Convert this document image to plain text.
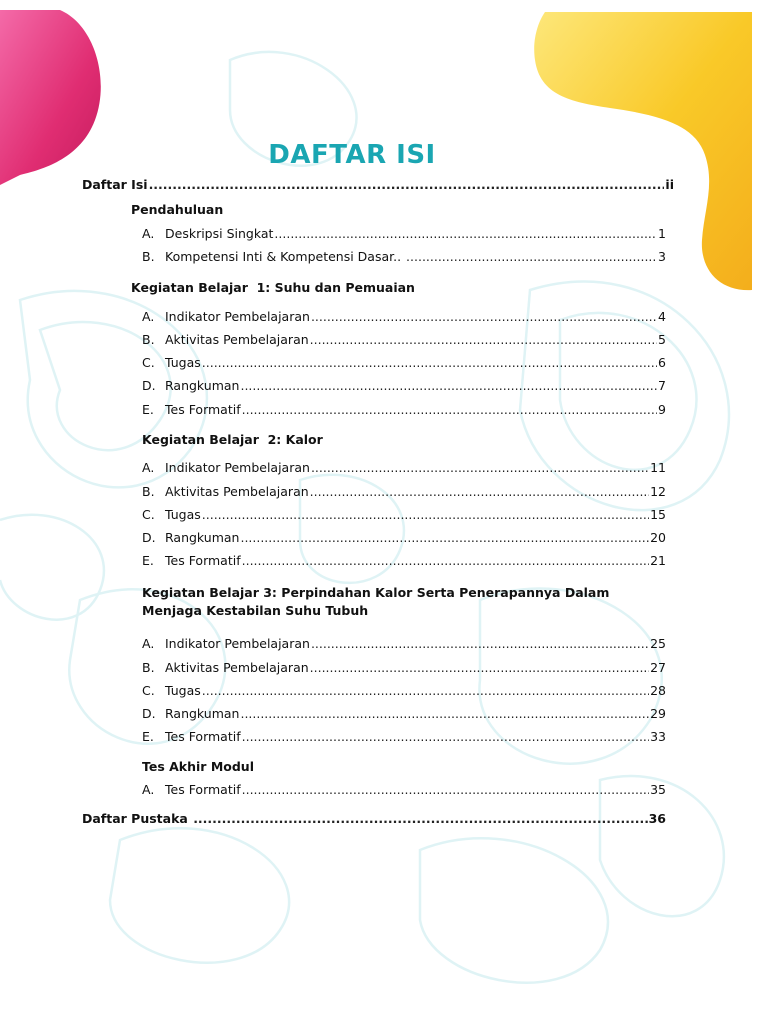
DAFTAR ISI
Daftar Isi .....	ii
Pendahuluan
A. Deskripsi Singkat .....	1
B. Kompetensi Inti & Kompetensi Dasar.. .....	3
Kegiatan Belajar  1: Suhu dan Pemuaian
A. Indikator Pembelajaran .....	4
B. Aktivitas Pembelajaran .....	5
C. Tugas .....	6
D. Rangkuman .....	7
E. Tes Formatif .....	9
Kegiatan Belajar  2: Kalor
A. Indikator Pembelajaran .....	11
B. Aktivitas Pembelajaran .....	12
C. Tugas .....	15
D. Rangkuman .....	20
E. Tes Formatif .....	21
Kegiatan Belajar 3: Perpindahan Kalor Serta Penerapannya Dalam
Menjaga Kestabilan Suhu Tubuh
A. Indikator Pembelajaran .....	25
B. Aktivitas Pembelajaran .....	27
C. Tugas .....	28
D. Rangkuman .....	29
E. Tes Formatif .....	33
Tes Akhir Modul
A. Tes Formatif .....	35
Daftar Pustaka .....	36
